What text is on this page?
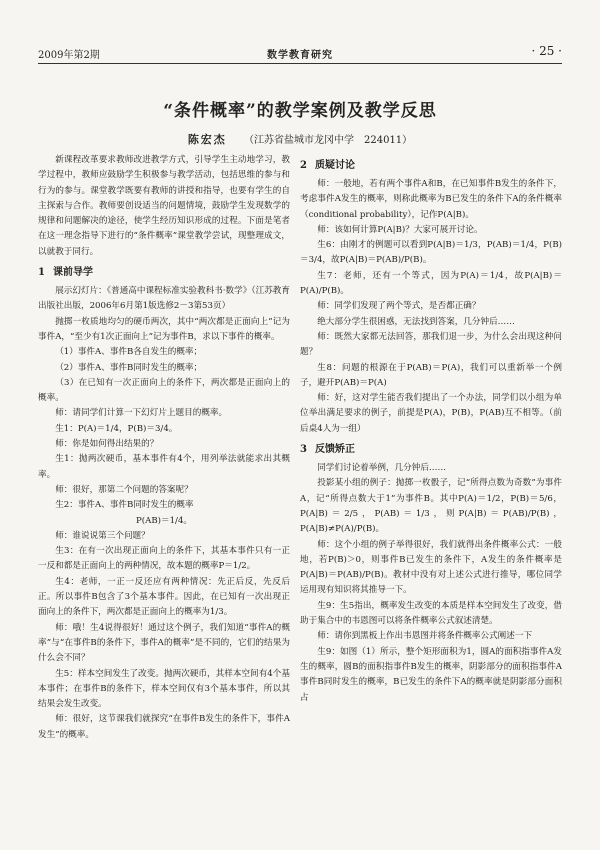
2009年第2期	数学教育研究	· 25 ·
“条件概率”的教学案例及教学反思
陈宏杰 （江苏省盐城市龙冈中学　224011）

新课程改革要求教师改进教学方式，引导学生主动地学习，教学过程中，教师应鼓励学生积极参与教学活动，包括思维的参与和行为的参与。课堂教学既要有教师的讲授和指导，也要有学生的自主探索与合作。教师要创设适当的问题情境，鼓励学生发现数学的规律和问题解决的途径，使学生经历知识形成的过程。下面是笔者在这一理念指导下进行的“条件概率”课堂教学尝试，现整理成文，以就教于同行。

1 课前导学

展示幻灯片：《普通高中课程标准实验教科书·数学》（江苏教育出版社出版，2006年6月第1版选修2－3第53页）

抛掷一枚质地均匀的硬币两次，其中“两次都是正面向上”记为事件A，“至少有1次正面向上”记为事件B，求以下事件的概率。

（1）事件A、事件B各自发生的概率；

（2）事件A、事件B同时发生的概率；

（3）在已知有一次正面向上的条件下，两次都是正面向上的概率。

师：请同学们计算一下幻灯片上题目的概率。

生1：P(A)＝1/4，P(B)＝3/4。

师：你是如何得出结果的？

生1：抛两次硬币，基本事件有4个，用列举法就能求出其概率。

师：很好，那第二个问题的答案呢？

生2：事件A、事件B同时发生的概率

P(AB)＝1/4。

师：谁说说第三个问题？

生3：在有一次出现正面向上的条件下，其基本事件只有一正一反和都是正面向上的两种情况，故本题的概率P＝1/2。

生4：老师，一正一反还应有两种情况：先正后反，先反后正。所以事件B包含了3个基本事件。因此，在已知有一次出现正面向上的条件下，两次都是正面向上的概率为1/3。

师：哦！生4说得很好！通过这个例子，我们知道“事件A的概率”与“在事件B的条件下，事件A的概率”是不同的，它们的结果为什么会不同？

生5：样本空间发生了改变。抛两次硬币，其样本空间有4个基本事件；在事件B的条件下，样本空间仅有3个基本事件，所以其结果会发生改变。

师：很好，这节课我们就探究“在事件B发生的条件下，事件A发生”的概率。

2 质疑讨论

师：一般地，若有两个事件A和B，在已知事件B发生的条件下，考虑事件A发生的概率，则称此概率为B已发生的条件下A的条件概率（conditional probability），记作P(A|B)。

师：该如何计算P(A|B)？大家可展开讨论。

生6：由刚才的例题可以看到P(A|B)＝1/3，P(AB)＝1/4，P(B)＝3/4，故P(A|B)＝P(AB)/P(B)。

生7：老师，还有一个等式，因为P(A)＝1/4，故P(A|B)＝P(A)/P(B)。

师：同学们发现了两个等式，是否都正确？

绝大部分学生很困惑，无法找到答案，几分钟后……

师：既然大家都无法回答，那我们退一步，为什么会出现这种问题？

生8：问题的根源在于P(AB)＝P(A)，我们可以重新举一个例子，避开P(AB)＝P(A)

师：好，这对学生能否我们提出了一个办法，同学们以小组为单位举出满足要求的例子，前提是P(A)，P(B)，P(AB)互不相等。（前后桌4人为一组）

3 反馈矫正

同学们讨论着举例，几分钟后……

投影某小组的例子：抛掷一枚骰子，记“所得点数为奇数”为事件A，记“所得点数大于1”为事件B。其中P(A)＝1/2，P(B)＝5/6，P(A|B)＝2/5，P(AB)＝1/3，则P(A|B)＝P(AB)/P(B)，P(A|B)≠P(A)/P(B)。

师：这个小组的例子举得很好，我们就得出条件概率公式：一般地，若P(B)＞0，则事件B已发生的条件下，A发生的条件概率是P(A|B)＝P(AB)/P(B)。教材中没有对上述公式进行推导，哪位同学运用现有知识将其推导一下。

生9：生5指出，概率发生改变的本质是样本空间发生了改变，借助于集合中的韦恩图可以将条件概率公式叙述清楚。

师：请你到黑板上作出韦恩图并将条件概率公式阐述一下

生9：如图（1）所示，整个矩形面积为1，圆A的面积指事件A发生的概率，圆B的面积指事件B发生的概率，阴影部分的面积指事件A事件B同时发生的概率，B已发生的条件下A的概率就是阴影部分面积占
